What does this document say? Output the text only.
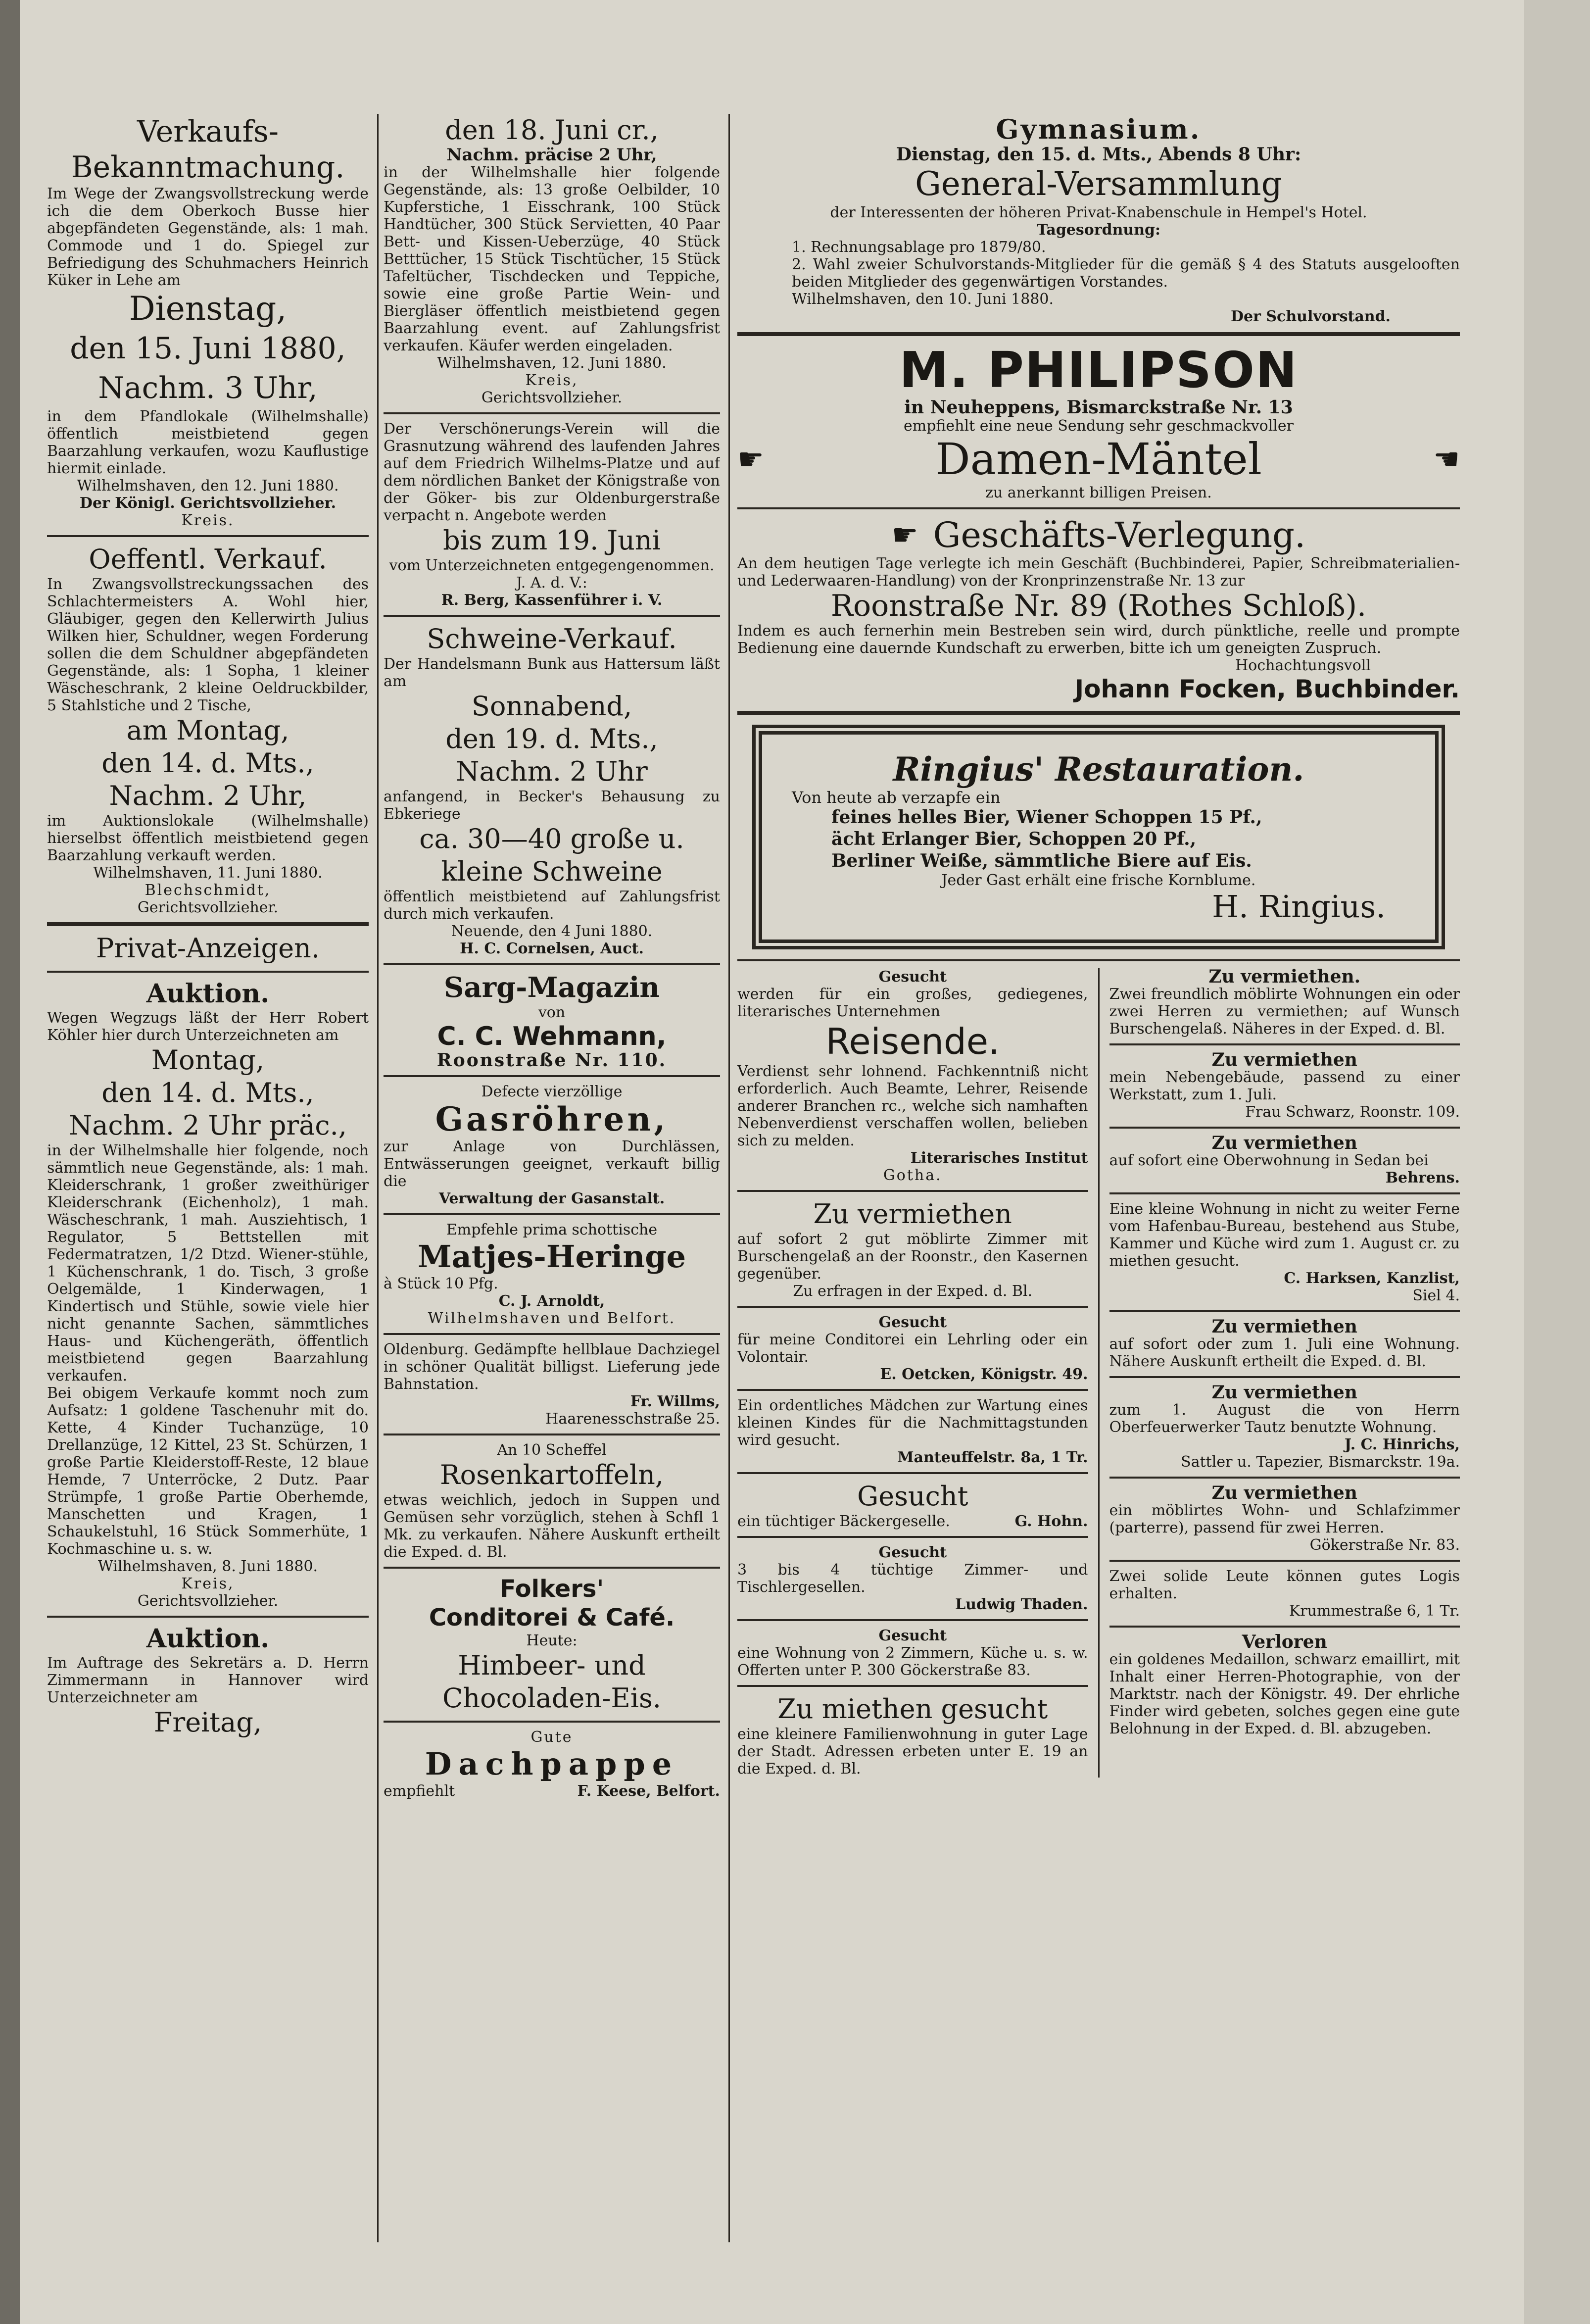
Verkaufs-Bekanntmachung.

Im Wege der Zwangsvollstreckung werde ich die dem Oberkoch Busse hier abgepfändeten Gegenstände, als: 1 mah. Commode und 1 do. Spiegel zur Befriedigung des Schuhmachers Heinrich Küker in Lehe am

Dienstag,
den 15. Juni 1880,
Nachm. 3 Uhr,

in dem Pfandlokale (Wilhelmshalle) öffentlich meistbietend gegen Baarzahlung verkaufen, wozu Kauflustige hiermit einlade.

Wilhelmshaven, den 12. Juni 1880.

Der Königl. Gerichtsvollzieher.

Kreis.

Oeffentl. Verkauf.

In Zwangsvollstreckungssachen des Schlachtermeisters A. Wohl hier, Gläubiger, gegen den Kellerwirth Julius Wilken hier, Schuldner, wegen Forderung sollen die dem Schuldner abgepfändeten Gegenstände, als: 1 Sopha, 1 kleiner Wäscheschrank, 2 kleine Oeldruckbilder, 5 Stahlstiche und 2 Tische,

am Montag,
den 14. d. Mts.,
Nachm. 2 Uhr,

im Auktionslokale (Wilhelmshalle) hierselbst öffentlich meistbietend gegen Baarzahlung verkauft werden.

Wilhelmshaven, 11. Juni 1880.

Blechschmidt,

Gerichtsvollzieher.

Privat-Anzeigen.
Auktion.

Wegen Wegzugs läßt der Herr Robert Köhler hier durch Unterzeichneten am

Montag,
den 14. d. Mts.,
Nachm. 2 Uhr präc.,

in der Wilhelmshalle hier folgende, noch sämmtlich neue Gegenstände, als: 1 mah. Kleiderschrank, 1 großer zweithüriger Kleiderschrank (Eichenholz), 1 mah. Wäscheschrank, 1 mah. Ausziehtisch, 1 Regulator, 5 Bettstellen mit Federmatratzen, 1/2 Dtzd. Wiener-stühle, 1 Küchenschrank, 1 do. Tisch, 3 große Oelgemälde, 1 Kinderwagen, 1 Kindertisch und Stühle, sowie viele hier nicht genannte Sachen, sämmtliches Haus- und Küchengeräth, öffentlich meistbietend gegen Baarzahlung verkaufen.

Bei obigem Verkaufe kommt noch zum Aufsatz: 1 goldene Taschenuhr mit do. Kette, 4 Kinder Tuchanzüge, 10 Drellanzüge, 12 Kittel, 23 St. Schürzen, 1 große Partie Kleiderstoff-Reste, 12 blaue Hemde, 7 Unterröcke, 2 Dutz. Paar Strümpfe, 1 große Partie Oberhemde, Manschetten und Kragen, 1 Schaukelstuhl, 16 Stück Sommerhüte, 1 Kochmaschine u. s. w.

Wilhelmshaven, 8. Juni 1880.

Kreis,

Gerichtsvollzieher.

Auktion.

Im Auftrage des Sekretärs a. D. Herrn Zimmermann in Hannover wird Unterzeichneter am

Freitag,
den 18. Juni cr.,

Nachm. präcise 2 Uhr,

in der Wilhelmshalle hier folgende Gegenstände, als: 13 große Oelbilder, 10 Kupferstiche, 1 Eisschrank, 100 Stück Handtücher, 300 Stück Servietten, 40 Paar Bett- und Kissen-Ueberzüge, 40 Stück Betttücher, 15 Stück Tischtücher, 15 Stück Tafeltücher, Tischdecken und Teppiche, sowie eine große Partie Wein- und Biergläser öffentlich meistbietend gegen Baarzahlung event. auf Zahlungsfrist verkaufen. Käufer werden eingeladen.

Wilhelmshaven, 12. Juni 1880.

Kreis,

Gerichtsvollzieher.

Der Verschönerungs-Verein will die Grasnutzung während des laufenden Jahres auf dem Friedrich Wilhelms-Platze und auf dem nördlichen Banket der Königstraße von der Göker- bis zur Oldenburgerstraße verpacht n. Angebote werden

bis zum 19. Juni

vom Unterzeichneten entgegengenommen.

J. A. d. V.:

R. Berg, Kassenführer i. V.

Schweine-Verkauf.

Der Handelsmann Bunk aus Hattersum läßt am

Sonnabend,
den 19. d. Mts.,
Nachm. 2 Uhr

anfangend, in Becker's Behausung zu Ebkeriege

ca. 30—40 große u. kleine Schweine

öffentlich meistbietend auf Zahlungsfrist durch mich verkaufen.

Neuende, den 4 Juni 1880.

H. C. Cornelsen, Auct.

Sarg-Magazin

von

C. C. Wehmann,

Roonstraße Nr. 110.

Defecte vierzöllige

Gasröhren,

zur Anlage von Durchlässen, Entwässerungen geeignet, verkauft billig die

Verwaltung der Gasanstalt.

Empfehle prima schottische

Matjes-Heringe

à Stück 10 Pfg.

C. J. Arnoldt,

Wilhelmshaven und Belfort.

Oldenburg. Gedämpfte hellblaue Dachziegel in schöner Qualität billigst. Lieferung jede Bahnstation.

Fr. Willms,

Haarenesschstraße 25.

An 10 Scheffel

Rosenkartoffeln,

etwas weichlich, jedoch in Suppen und Gemüsen sehr vorzüglich, stehen à Schfl 1 Mk. zu verkaufen. Nähere Auskunft ertheilt die Exped. d. Bl.

Folkers'
Conditorei & Café.

Heute:

Himbeer- und
Chocoladen-Eis.

Gute

Dachpappe
empfiehlt	F. Keese, Belfort.
Gymnasium.

Dienstag, den 15. d. Mts., Abends 8 Uhr:

General-Versammlung

der Interessenten der höheren Privat-Knabenschule in Hempel's Hotel.

Tagesordnung:

1. Rechnungsablage pro 1879/80.

2. Wahl zweier Schulvorstands-Mitglieder für die gemäß § 4 des Statuts ausgelooften beiden Mitglieder des gegenwärtigen Vorstandes.

Wilhelmshaven, den 10. Juni 1880.

Der Schulvorstand.

M. PHILIPSON

in Neuheppens, Bismarckstraße Nr. 13

empfiehlt eine neue Sendung sehr geschmackvoller

☛	Damen-Mäntel	☚

zu anerkannt billigen Preisen.

☛ Geschäfts-Verlegung.

An dem heutigen Tage verlegte ich mein Geschäft (Buchbinderei, Papier, Schreibmaterialien- und Lederwaaren-Handlung) von der Kronprinzenstraße Nr. 13 zur

Roonstraße Nr. 89 (Rothes Schloß).

Indem es auch fernerhin mein Bestreben sein wird, durch pünktliche, reelle und prompte Bedienung eine dauernde Kundschaft zu erwerben, bitte ich um geneigten Zuspruch.

Hochachtungsvoll

Johann Focken, Buchbinder.

Ringius' Restauration.

Von heute ab verzapfe ein

feines helles Bier, Wiener Schoppen 15 Pf.,

ächt Erlanger Bier, Schoppen 20 Pf.,

Berliner Weiße, sämmtliche Biere auf Eis.

Jeder Gast erhält eine frische Kornblume.

H. Ringius.

Gesucht

werden für ein großes, gediegenes, literarisches Unternehmen

Reisende.

Verdienst sehr lohnend. Fachkenntniß nicht erforderlich. Auch Beamte, Lehrer, Reisende anderer Branchen rc., welche sich namhaften Nebenverdienst verschaffen wollen, belieben sich zu melden.

Literarisches Institut

Gotha.

Zu vermiethen

auf sofort 2 gut möblirte Zimmer mit Burschengelaß an der Roonstr., den Kasernen gegenüber.

Zu erfragen in der Exped. d. Bl.

Gesucht

für meine Conditorei ein Lehrling oder ein Volontair.

E. Oetcken, Königstr. 49.

Ein ordentliches Mädchen zur Wartung eines kleinen Kindes für die Nachmittagstunden wird gesucht.

Manteuffelstr. 8a, 1 Tr.

Gesucht
ein tüchtiger Bäckergeselle.	G. Hohn.

Gesucht

3 bis 4 tüchtige Zimmer- und Tischlergesellen.

Ludwig Thaden.

Gesucht

eine Wohnung von 2 Zimmern, Küche u. s. w. Offerten unter P. 300 Göckerstraße 83.

Zu miethen gesucht

eine kleinere Familienwohnung in guter Lage der Stadt. Adressen erbeten unter E. 19 an die Exped. d. Bl.

Zu vermiethen.

Zwei freundlich möblirte Wohnungen ein oder zwei Herren zu vermiethen; auf Wunsch Burschengelaß. Näheres in der Exped. d. Bl.

Zu vermiethen

mein Nebengebäude, passend zu einer Werkstatt, zum 1. Juli.

Frau Schwarz, Roonstr. 109.

Zu vermiethen

auf sofort eine Oberwohnung in Sedan bei

Behrens.

Eine kleine Wohnung in nicht zu weiter Ferne vom Hafenbau-Bureau, bestehend aus Stube, Kammer und Küche wird zum 1. August cr. zu miethen gesucht.

C. Harksen, Kanzlist,

Siel 4.

Zu vermiethen

auf sofort oder zum 1. Juli eine Wohnung. Nähere Auskunft ertheilt die Exped. d. Bl.

Zu vermiethen

zum 1. August die von Herrn Oberfeuerwerker Tautz benutzte Wohnung.

J. C. Hinrichs,

Sattler u. Tapezier, Bismarckstr. 19a.

Zu vermiethen

ein möblirtes Wohn- und Schlafzimmer (parterre), passend für zwei Herren.

Gökerstraße Nr. 83.

Zwei solide Leute können gutes Logis erhalten.

Krummestraße 6, 1 Tr.

Verloren

ein goldenes Medaillon, schwarz emaillirt, mit Inhalt einer Herren-Photographie, von der Marktstr. nach der Königstr. 49. Der ehrliche Finder wird gebeten, solches gegen eine gute Belohnung in der Exped. d. Bl. abzugeben.
